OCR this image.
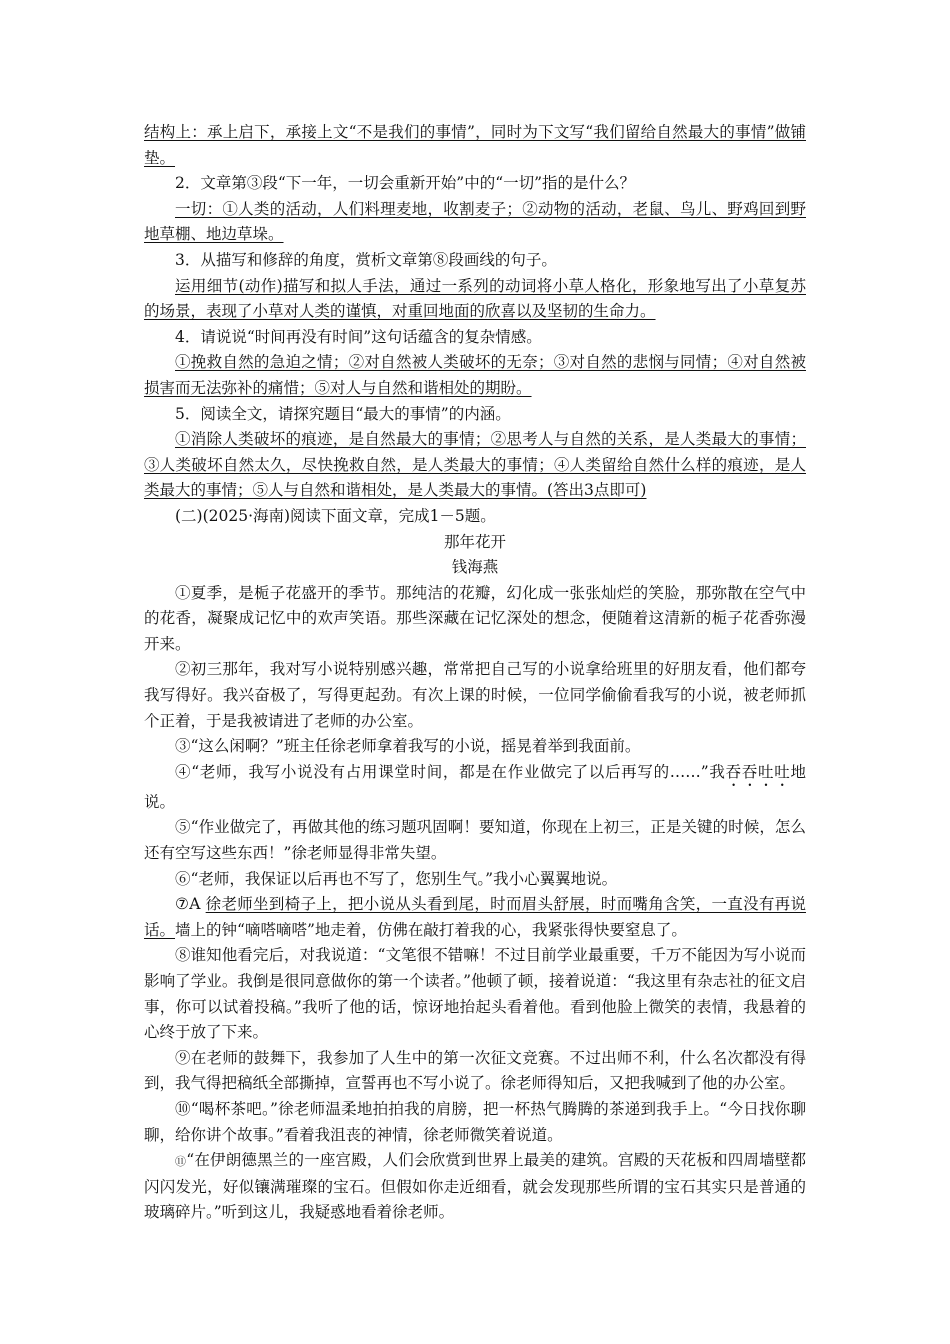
结构上：承上启下，承接上文“不是我们的事情”，同时为下文写“我们留给自然最大的事情”做铺垫。

2．文章第③段“下一年，一切会重新开始”中的“一切”指的是什么？

一切：①人类的活动，人们料理麦地，收割麦子；②动物的活动，老鼠、鸟儿、野鸡回到野地草棚、地边草垛。

3．从描写和修辞的角度，赏析文章第⑧段画线的句子。

运用细节(动作)描写和拟人手法，通过一系列的动词将小草人格化，形象地写出了小草复苏的场景，表现了小草对人类的谨慎，对重回地面的欣喜以及坚韧的生命力。

4．请说说“时间再没有时间”这句话蕴含的复杂情感。

①挽救自然的急迫之情；②对自然被人类破坏的无奈；③对自然的悲悯与同情；④对自然被损害而无法弥补的痛惜；⑤对人与自然和谐相处的期盼。

5．阅读全文，请探究题目“最大的事情”的内涵。

①消除人类破坏的痕迹，是自然最大的事情；②思考人与自然的关系，是人类最大的事情；③人类破坏自然太久，尽快挽救自然，是人类最大的事情；④人类留给自然什么样的痕迹，是人类最大的事情；⑤人与自然和谐相处，是人类最大的事情。(答出3点即可)

(二)(2025·海南)阅读下面文章，完成1－5题。

那年花开

钱海燕

①夏季，是栀子花盛开的季节。那纯洁的花瓣，幻化成一张张灿烂的笑脸，那弥散在空气中的花香，凝聚成记忆中的欢声笑语。那些深藏在记忆深处的想念，便随着这清新的栀子花香弥漫开来。

②初三那年，我对写小说特别感兴趣，常常把自己写的小说拿给班里的好朋友看，他们都夸我写得好。我兴奋极了，写得更起劲。有次上课的时候，一位同学偷偷看我写的小说，被老师抓个正着，于是我被请进了老师的办公室。

③“这么闲啊？”班主任徐老师拿着我写的小说，摇晃着举到我面前。

④“老师，我写小说没有占用课堂时间，都是在作业做完了以后再写的……”我吞吞吐吐地说。

⑤“作业做完了，再做其他的练习题巩固啊！要知道，你现在上初三，正是关键的时候，怎么还有空写这些东西！”徐老师显得非常失望。

⑥“老师，我保证以后再也不写了，您别生气。”我小心翼翼地说。

⑦A 徐老师坐到椅子上，把小说从头看到尾，时而眉头舒展，时而嘴角含笑，一直没有再说话。墙上的钟“嘀嗒嘀嗒”地走着，仿佛在敲打着我的心，我紧张得快要窒息了。

⑧谁知他看完后，对我说道：“文笔很不错嘛！不过目前学业最重要，千万不能因为写小说而影响了学业。我倒是很同意做你的第一个读者。”他顿了顿，接着说道：“我这里有杂志社的征文启事，你可以试着投稿。”我听了他的话，惊讶地抬起头看着他。看到他脸上微笑的表情，我悬着的心终于放了下来。

⑨在老师的鼓舞下，我参加了人生中的第一次征文竞赛。不过出师不利，什么名次都没有得到，我气得把稿纸全部撕掉，宣誓再也不写小说了。徐老师得知后，又把我喊到了他的办公室。

⑩“喝杯茶吧。”徐老师温柔地拍拍我的肩膀，把一杯热气腾腾的茶递到我手上。“今日找你聊聊，给你讲个故事。”看着我沮丧的神情，徐老师微笑着说道。

⑪“在伊朗德黑兰的一座宫殿，人们会欣赏到世界上最美的建筑。宫殿的天花板和四周墙壁都闪闪发光，好似镶满璀璨的宝石。但假如你走近细看，就会发现那些所谓的宝石其实只是普通的玻璃碎片。”听到这儿，我疑惑地看着徐老师。
